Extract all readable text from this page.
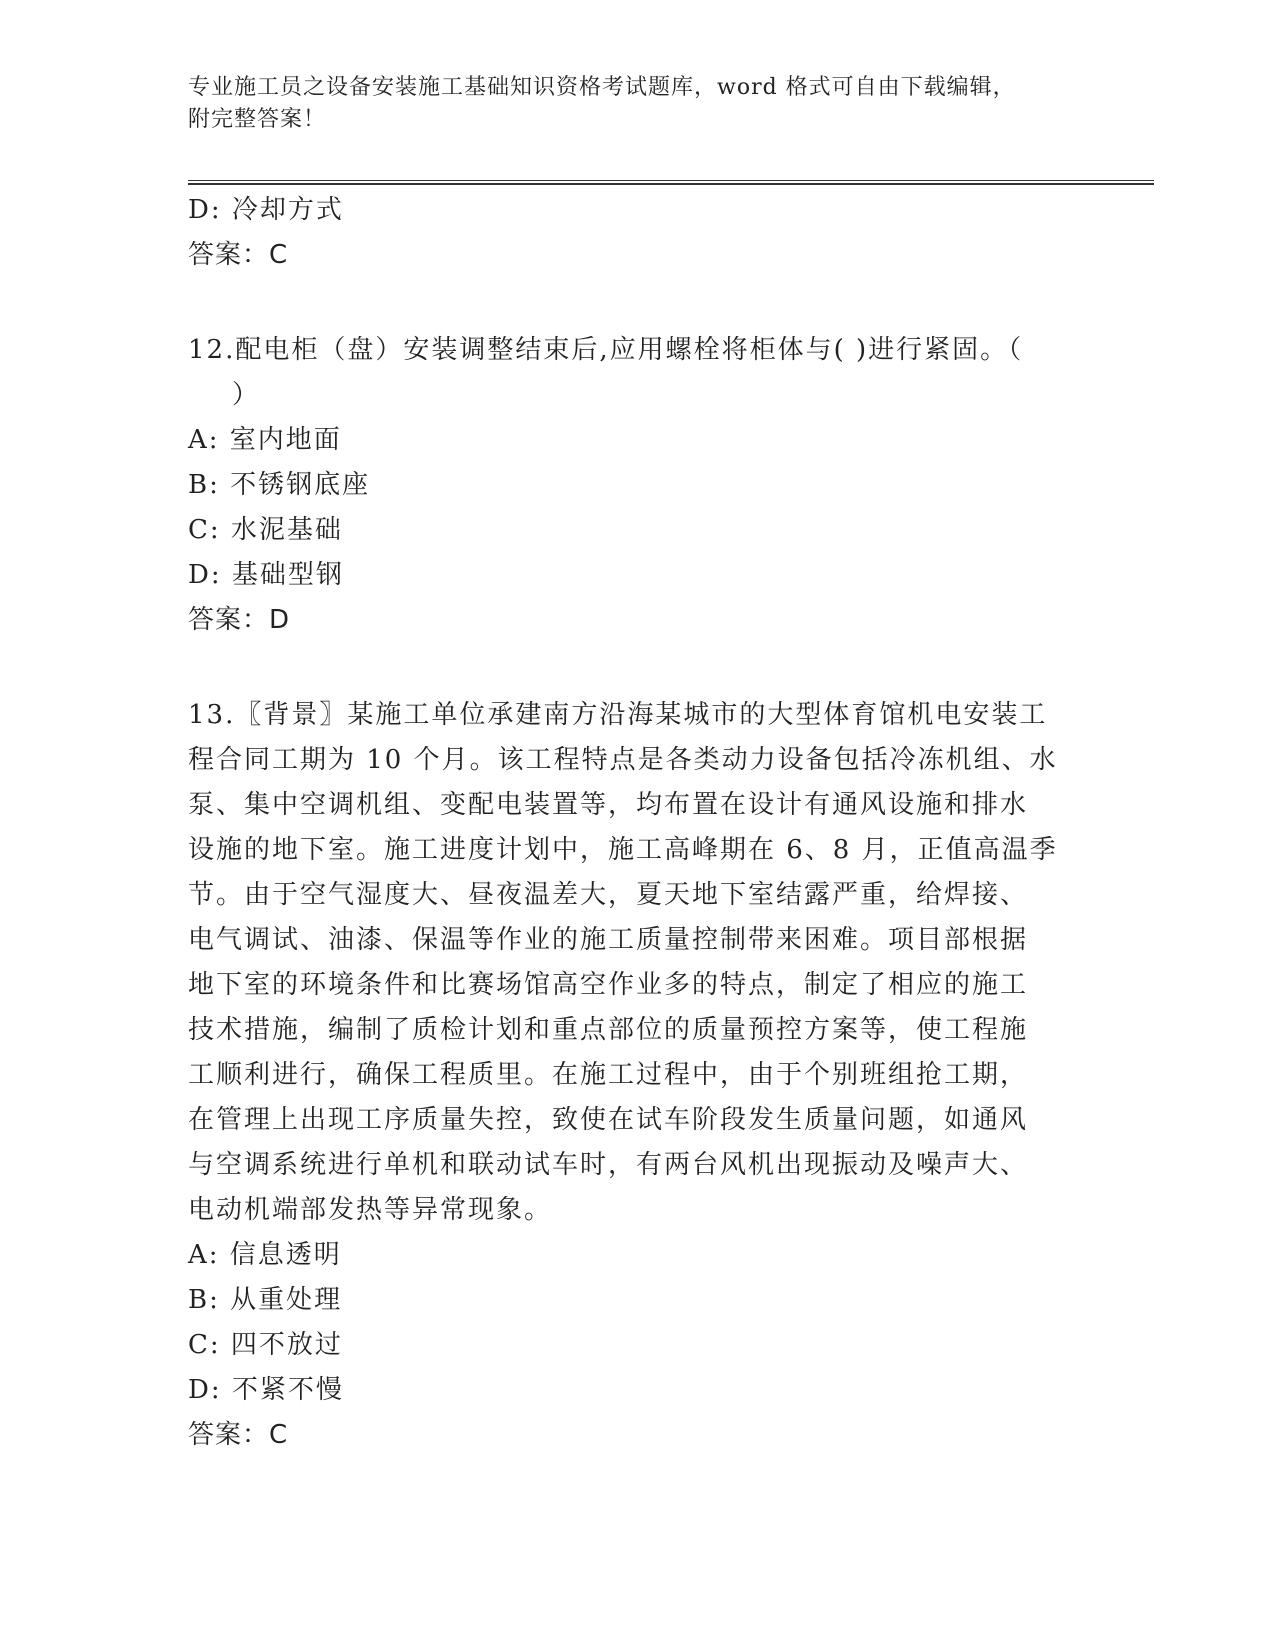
专业施工员之设备安装施工基础知识资格考试题库，word 格式可自由下载编辑，
附完整答案！
D: 冷却方式
答案：C
12.配电柜（盘）安装调整结束后,应用螺栓将柜体与( )进行紧固。（
）
A: 室内地面
B: 不锈钢底座
C: 水泥基础
D: 基础型钢
答案：D
13.〖背景〗某施工单位承建南方沿海某城市的大型体育馆机电安装工
程合同工期为 10 个月。该工程特点是各类动力设备包括冷冻机组、水
泵、集中空调机组、变配电装置等，均布置在设计有通风设施和排水
设施的地下室。施工进度计划中，施工高峰期在 6、8 月，正值高温季
节。由于空气湿度大、昼夜温差大，夏天地下室结露严重，给焊接、
电气调试、油漆、保温等作业的施工质量控制带来困难。项目部根据
地下室的环境条件和比赛场馆高空作业多的特点，制定了相应的施工
技术措施，编制了质检计划和重点部位的质量预控方案等，使工程施
工顺利进行，确保工程质里。在施工过程中，由于个别班组抢工期，
在管理上出现工序质量失控，致使在试车阶段发生质量问题，如通风
与空调系统进行单机和联动试车时，有两台风机出现振动及噪声大、
电动机端部发热等异常现象。
A: 信息透明
B: 从重处理
C: 四不放过
D: 不紧不慢
答案：C
